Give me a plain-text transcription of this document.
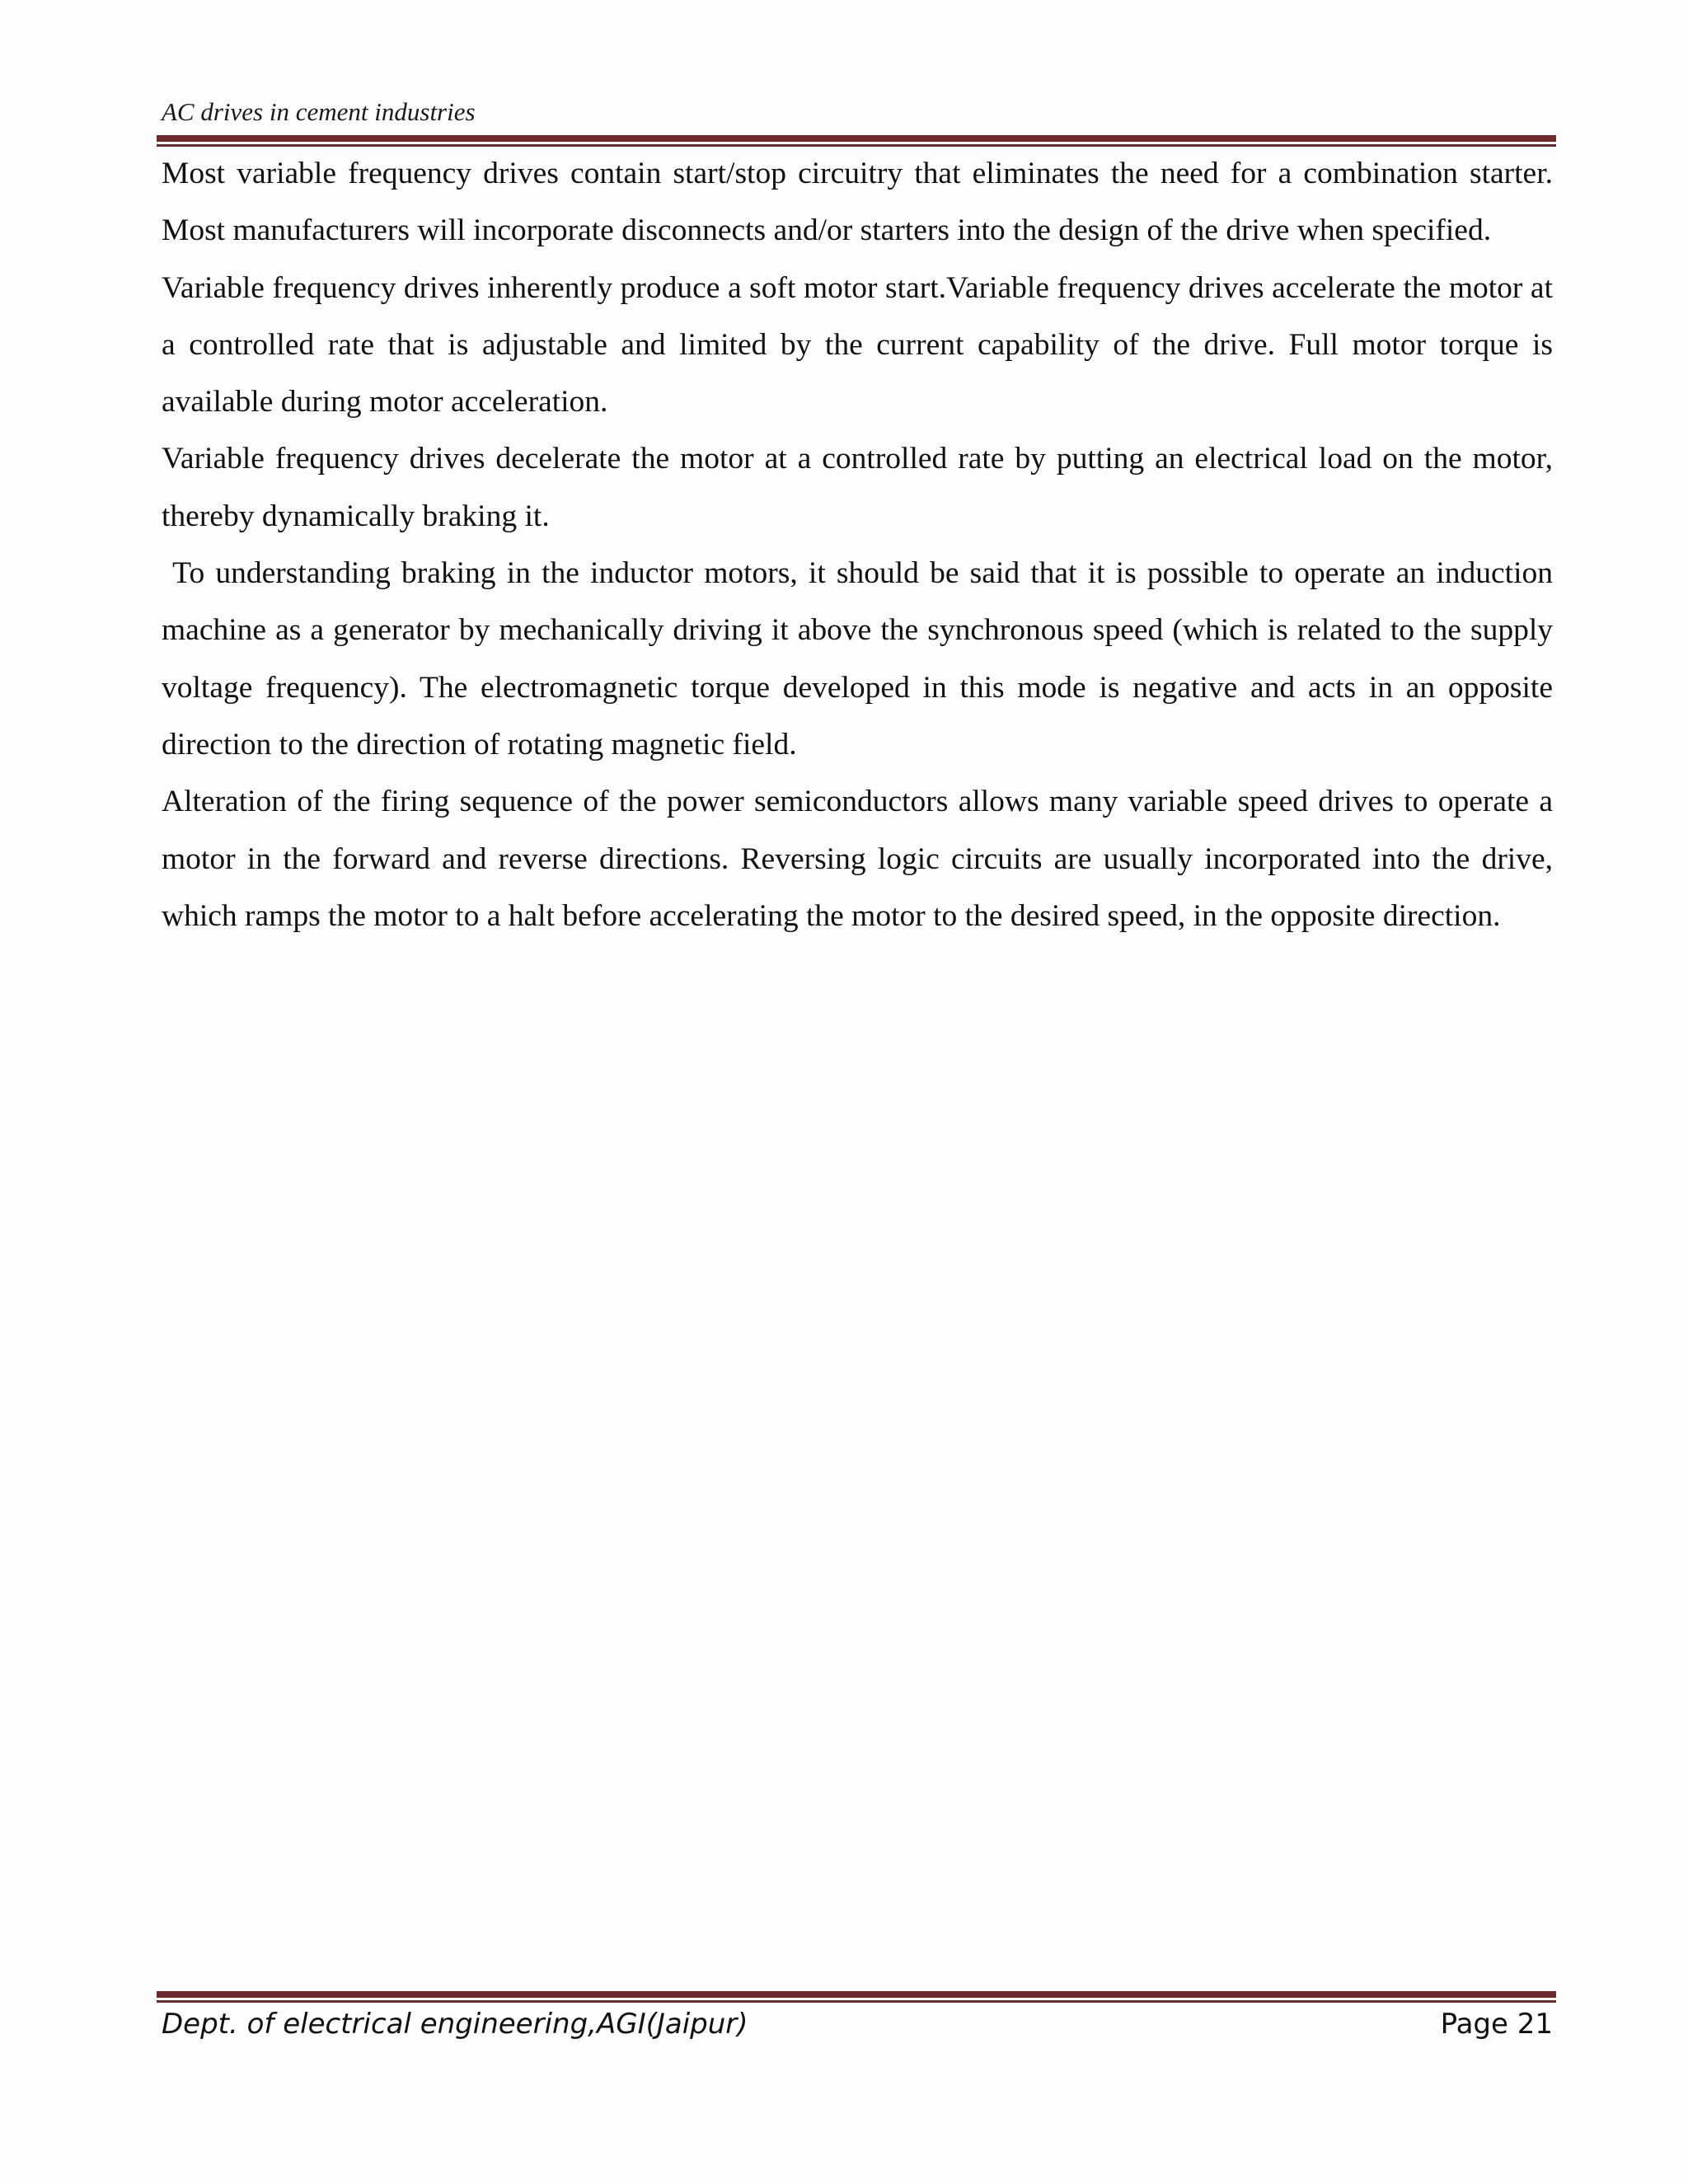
AC drives in cement industries

Most variable frequency drives contain start/stop circuitry that eliminates the need for a combination starter. Most manufacturers will incorporate disconnects and/or starters into the design of the drive when specified.

Variable frequency drives inherently produce a soft motor start.Variable frequency drives accelerate the motor at a controlled rate that is adjustable and limited by the current capability of the drive. Full motor torque is available during motor acceleration.

Variable frequency drives decelerate the motor at a controlled rate by putting an electrical load on the motor, thereby dynamically braking it.

To understanding braking in the inductor motors, it should be said that it is possible to operate an induction machine as a generator by mechanically driving it above the synchronous speed (which is related to the supply voltage frequency). The electromagnetic torque developed in this mode is negative and acts in an opposite direction to the direction of rotating magnetic field.

Alteration of the firing sequence of the power semiconductors allows many variable speed drives to operate a motor in the forward and reverse directions. Reversing logic circuits are usually incorporated into the drive, which ramps the motor to a halt before accelerating the motor to the desired speed, in the opposite direction.

Dept. of electrical engineering,AGI(Jaipur)	Page 21
